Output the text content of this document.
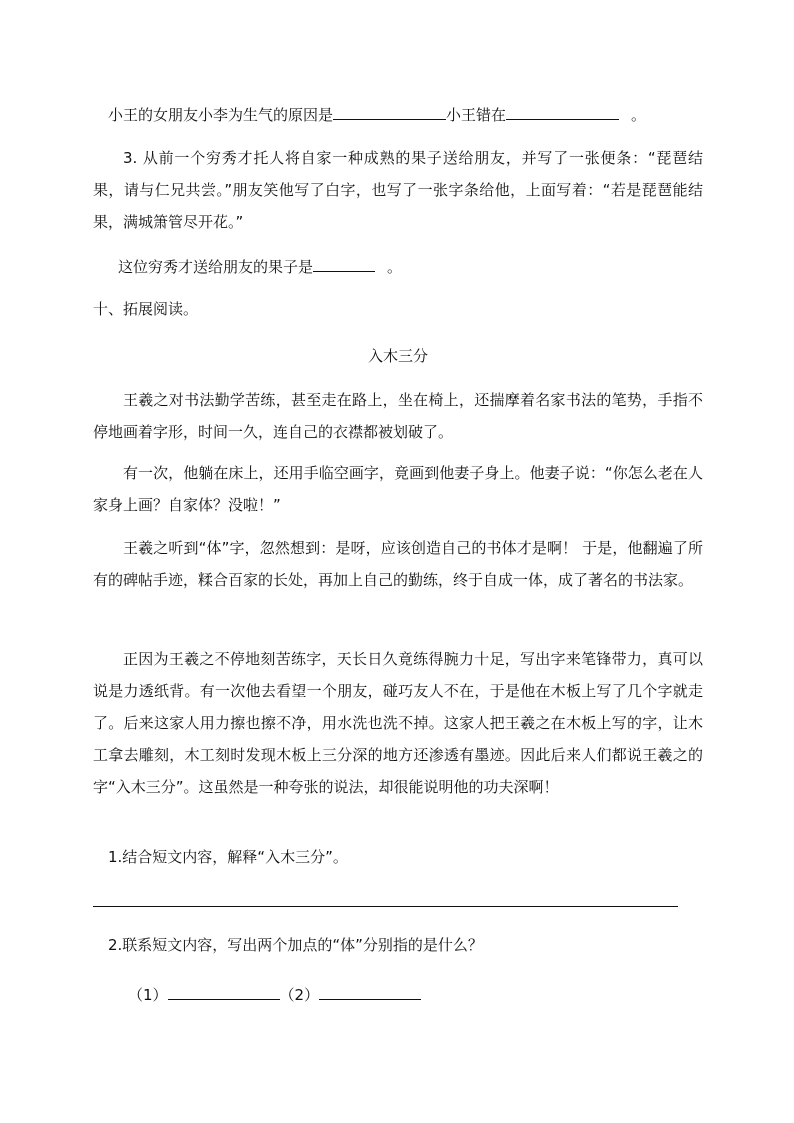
小王的女朋友小李为生气的原因是	小王错在	。
3. 从前一个穷秀才托人将自家一种成熟的果子送给朋友，并写了一张便条：“琵琶结果，请与仁兄共尝。”朋友笑他写了白字，也写了一张字条给他，上面写着：“若是琵琶能结果，满城箫管尽开花。”
这位穷秀才送给朋友的果子是	。
十、拓展阅读。
入木三分
王羲之对书法勤学苦练，甚至走在路上，坐在椅上，还揣摩着名家书法的笔势，手指不停地画着字形，时间一久，连自己的衣襟都被划破了。
有一次，他躺在床上，还用手临空画字，竟画到他妻子身上。他妻子说：“你怎么老在人家身上画？自家体？没啦！”
王羲之听到“体”字，忽然想到：是呀，应该创造自己的书体才是啊！ 于是，他翻遍了所有的碑帖手迹，糅合百家的长处，再加上自己的勤练，终于自成一体，成了著名的书法家。
正因为王羲之不停地刻苦练字，天长日久竟练得腕力十足，写出字来笔锋带力，真可以说是力透纸背。有一次他去看望一个朋友，碰巧友人不在，于是他在木板上写了几个字就走了。后来这家人用力擦也擦不净，用水洗也洗不掉。这家人把王羲之在木板上写的字，让木工拿去雕刻，木工刻时发现木板上三分深的地方还渗透有墨迹。因此后来人们都说王羲之的字“入木三分”。这虽然是一种夸张的说法，却很能说明他的功夫深啊！
1.结合短文内容，解释“入木三分”。
2.联系短文内容，写出两个加点的“体”分别指的是什么？
（1）	（2）
